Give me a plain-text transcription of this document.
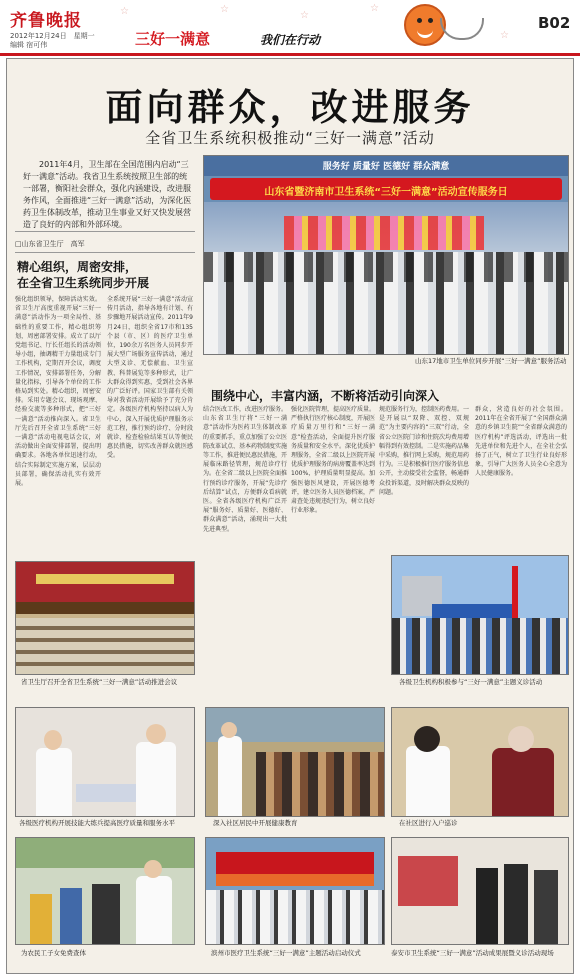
齐鲁晚报
2012年12月24日　星期一
编辑 宿可伟
☆	☆
☆
☆
☆
三好一满意	我们在行动
B02
面向群众，改进服务
全省卫生系统积极推动“三好一满意”活动
2011年4月，卫生部在全国范围内启动“三好一满意”活动。我省卫生系统按照卫生部的统一部署，衡阳社会群众，强化内涵建设，改进服务作风，全面推进“三好一满意”活动，为深化医药卫生体制改革，推动卫生事业又好又快发展营造了良好的内部和外部环境。
□山东省卫生厅　高军
精心组织，周密安排，
在全省卫生系统同步开展
强化组织领导，保障活动实效。省卫生厅高度重视开展“三好一满意”活动作为一项全局性、基础性的重要工作，精心组织筹划，周密部署安排。成立了以厅党组书记、厅长任组长的活动领导小组，抽调精干力量组成专门工作机构，定期召开会议，调度工作情况，安排部署任务，分解量化指标，引导各个单位的工作格局到实处。精心组织，周密安排。采用专题会议、现场观摩、经验交流等多种形式，把“三好一满意”活动推向深入。省卫生厅先后召开全省卫生系统“三好一满意”活动电视电话会议，对活动做出全面安排部署，提出明确要求。各地各单位迅速行动，结合实际制定实施方案，层层动员部署，确保活动扎实有效开展。
全系统开展“三好一满意”活动宣传月活动，指导各地有计划、有步骤地开展活动宣传。2011年9月24日，组织全省17市和135个县（市、区）的医疗卫生单位，190余万名医务人员同步开展大型广场服务宣传活动，通过大型义诊、无偿献血、卫生宣教、科普展览等多种形式，让广大群众得到实惠，受到社会各界的广泛好评。国家卫生部有关领导对我省活动开展给予了充分肯定。各级医疗机构坚持以病人为中心，深入开展优质护理服务示范工程，推行预约诊疗、分时段就诊、检查检验结果互认等便民惠民措施，切实改善群众就医感受。
服务好 质量好 医德好 群众满意
山东省暨济南市卫生系统“三好一满意”活动宣传服务日
山东17地市卫生单位同步开展“三好一满意”服务活动
围绕中心，丰富内涵，不断将活动引向深入
结合医改工作，改进医疗服务。山东省卫生厅将“三好一满意”活动作为医药卫生体制改革的重要抓手，重点加强了公立医院改革试点、基本药物制度实施等工作，推进便民惠民措施，开展临床路径管理，规范诊疗行为。在全省二级以上医院全面推行预约诊疗服务，开展“先诊疗后结算”试点，方便群众看病就医。全省各级医疗机构广泛开展“服务好、质量好、医德好、群众满意”活动，涌现出一大批先进典型。
强化医院管理，提高医疗质量。严格执行医疗核心制度，开展医疗质量万里行和“三好一满意”检查活动，全面提升医疗服务质量和安全水平。深化优质护理服务，全省二级以上医院开展优质护理服务的病房覆盖率达到100%，护理质量明显提高。加强医德医风建设，开展医德考评，建立医务人员医德档案，严肃查处违规违纪行为，树立良好行业形象。
规范服务行为，控制医药费用。一是开展以“双降、双控、双规范”为主要内容的“三双”行动，全省公立医院门诊和住院次均费用增幅得到有效控制。二是实施药品集中采购，推行网上采购，规范用药行为。三是积极推行医疗服务信息公开，主动接受社会监督，畅通群众投诉渠道，及时解决群众反映的问题。
群众，营造良好的社会氛围。2011年在全省开展了“全国群众满意的乡镇卫生院”“全省群众满意的医疗机构”评选活动，评选出一批先进单位和先进个人，在全社会弘扬了正气，树立了卫生行业良好形象，引导广大医务人员全心全意为人民健康服务。
省卫生厅召开全省卫生系统“三好一满意”活动推进会议	各级卫生机构积极参与“三好一满意”主题义诊活动
各级医疗机构开展技能大练兵提高医疗质量和服务水平	深入社区居民中开展健康教育	在社区进行入户巡诊
为农民工子女免费查体	滨州市医疗卫生系统“三好一满意”主题活动启动仪式	泰安市卫生系统“三好一满意”活动成果展暨义诊活动现场
